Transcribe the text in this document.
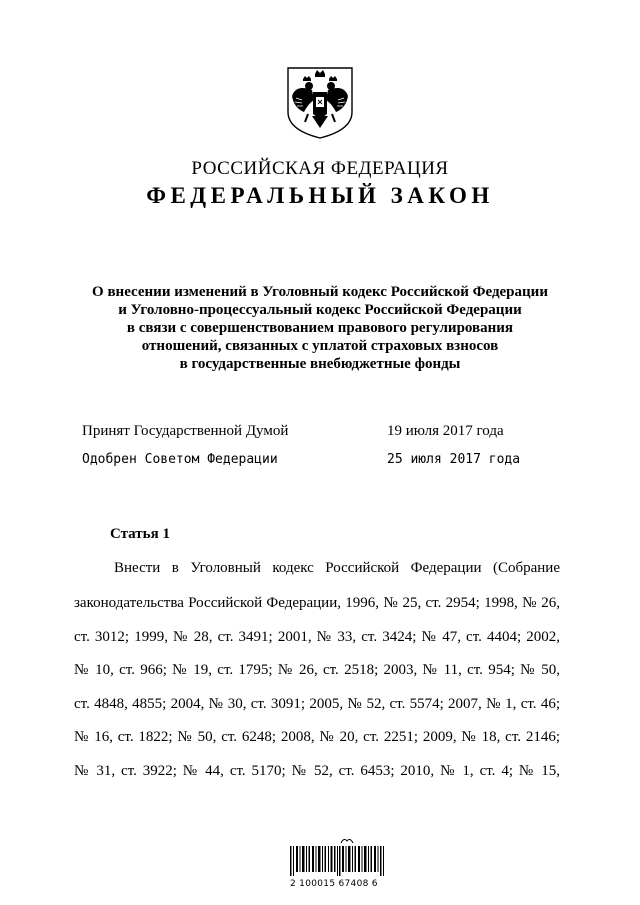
РОССИЙСКАЯ ФЕДЕРАЦИЯ
ФЕДЕРАЛЬНЫЙ ЗАКОН
О внесении изменений в Уголовный кодекс Российской Федерации
и Уголовно-процессуальный кодекс Российской Федерации
в связи с совершенствованием правового регулирования
отношений, связанных с уплатой страховых взносов
в государственные внебюджетные фонды
Принят Государственной Думой	19 июля 2017 года
Одобрен Советом Федерации	25 июля 2017 года
Статья 1
Внести в Уголовный кодекс Российской Федерации (Собрание
законодательства Российской Федерации, 1996, № 25, ст. 2954; 1998, № 26,
ст. 3012; 1999, № 28, ст. 3491; 2001, № 33, ст. 3424; № 47, ст. 4404; 2002,
№ 10, ст. 966; № 19, ст. 1795; № 26, ст. 2518; 2003, № 11, ст. 954; № 50,
ст. 4848, 4855; 2004, № 30, ст. 3091; 2005, № 52, ст. 5574; 2007, № 1, ст. 46;
№ 16, ст. 1822; № 50, ст. 6248; 2008, № 20, ст. 2251; 2009, № 18, ст. 2146;
№ 31, ст. 3922; № 44, ст. 5170; № 52, ст. 6453; 2010, № 1, ст. 4; № 15,
2 100015 67408 6
